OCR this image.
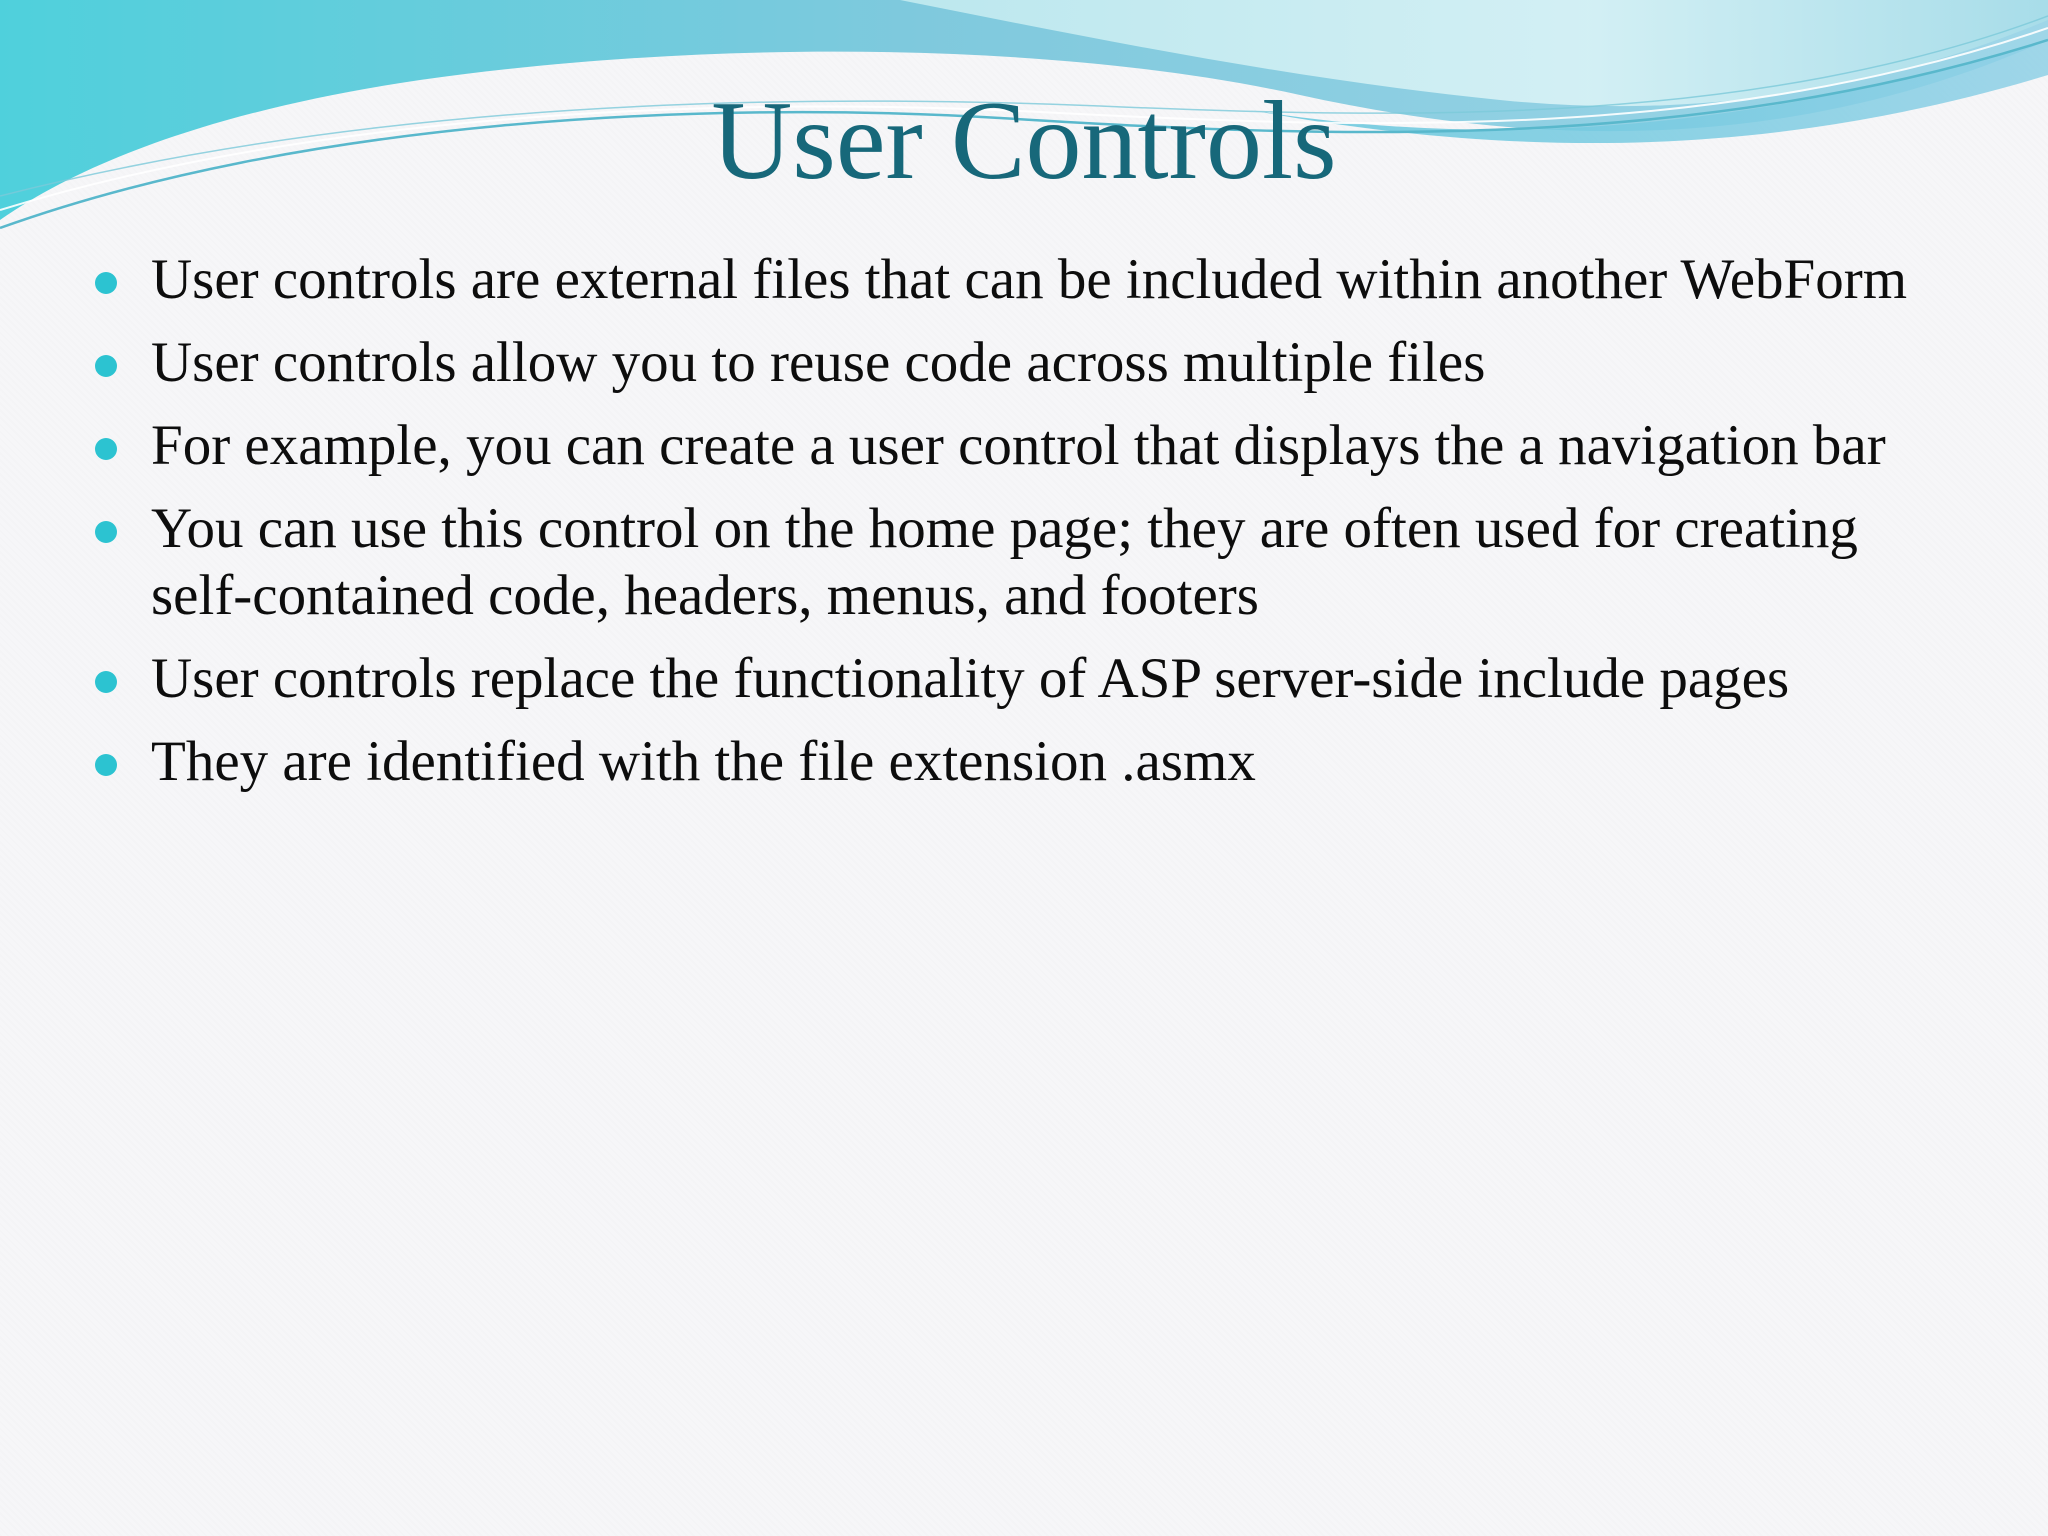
User Controls
User controls are external files that can be included within another WebForm
User controls allow you to reuse code across multiple files
For example, you can create a user control that displays the a navigation bar
You can use this control on the home page; they are often used for creating self-contained code, headers, menus, and footers
User controls replace the functionality of ASP server-side include pages
They are identified with the file extension .asmx
